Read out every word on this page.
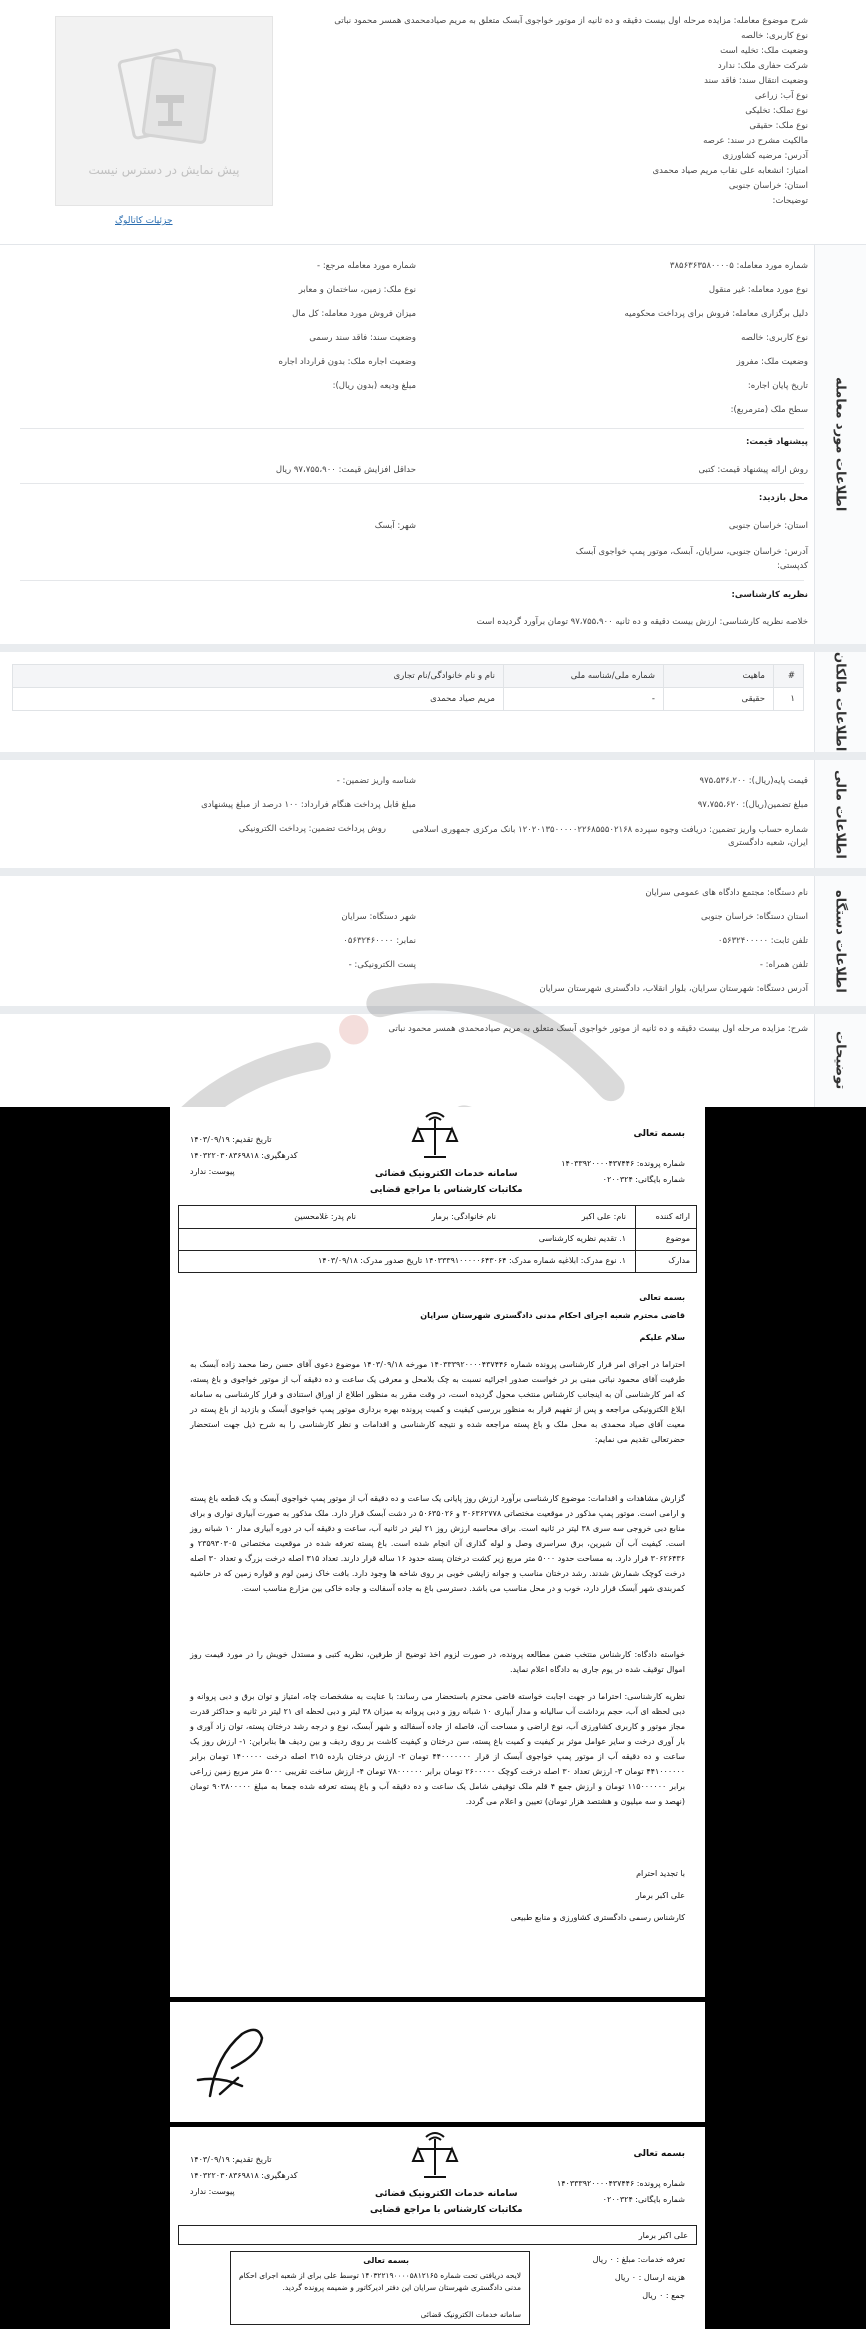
پیش نمایش در دسترس نیست
جزئیات کاتالوگ
شرح موضوع معامله: مزایده مرحله اول بیست دقیقه و ده ثانیه از موتور خواجوی آبسک متعلق به مریم صیادمحمدی همسر محمود نباتی
نوع کاربری: خالصه
وضعیت ملک: تخلیه است
شرکت حفاری ملک: ندارد
وضعیت انتقال سند: فاقد سند
نوع آب: زراعی
نوع تملک: تخلیکی
نوع ملک: حقیقی
مالکیت مشرح در سند: عرصه
آدرس: مرضیه کشاورزی
امتیاز: انشعابه علی نقاب مریم صیاد محمدی
استان: خراسان جنوبی
توضیحات:
اطلاعات مورد معامله
شماره مورد معامله: ۳۸۵۶۳۶۳۵۸۰۰۰۰۵
نوع مورد معامله: غیر منقول
دلیل برگزاری معامله: فروش برای پرداخت محکومیه
نوع کاربری: خالصه
وضعیت ملک: مفروز
تاریخ پایان اجاره:
سطح ملک (مترمربع):
شماره مورد معامله مرجع: -
نوع ملک: زمین، ساختمان و معابر
میزان فروش مورد معامله: کل مال
وضعیت سند: فاقد سند رسمی
وضعیت اجاره ملک: بدون قرارداد اجاره
مبلغ ودیعه (بدون ریال):
پیشنهاد قیمت:
روش ارائه پیشنهاد قیمت: کتبی
حداقل افزایش قیمت: ۹۷،۷۵۵،۹۰۰ ریال
محل بازدید:
استان: خراسان جنوبی
شهر: آبسک
آدرس: خراسان جنوبی، سرایان، آبسک، موتور پمپ خواجوی آبسک
کدپستی:
نظریه کارشناسی:
خلاصه نظریه کارشناسی: ارزش بیست دقیقه و ده ثانیه ۹۷،۷۵۵،۹۰۰ تومان برآورد گردیده است
اطلاعات مالکان
#	ماهیت	شماره ملی/شناسه ملی	نام و نام خانوادگی/نام تجاری
۱	حقیقی	-	مریم صیاد محمدی
اطلاعات مالی
قیمت پایه(ریال): ۹۷۵،۵۳۶،۲۰۰
مبلغ تضمین(ریال): ۹۷،۷۵۵،۶۲۰
شماره حساب واریز تضمین: دریافت وجوه سپرده ۱۲۰۲۰۱۳۵۰۰۰۰۰۲۲۶۸۵۵۵۰۲۱۶۸ بانک مرکزی جمهوری اسلامی ایران، شعبه دادگستری
شناسه واریز تضمین: -
مبلغ قابل پرداخت هنگام فرارداد: ۱۰۰ درصد از مبلغ پیشنهادی
روش پرداخت تضمین: پرداخت الکترونیکی
اطلاعات دستگاه
نام دستگاه: مجتمع دادگاه های عمومی سرایان
استان دستگاه: خراسان جنوبی
شهر دستگاه: سرایان
تلفن ثابت: ۰۵۶۳۲۴۰۰۰۰۰
نمابر: ۰۵۶۳۲۴۶۰۰۰۰
تلفن همراه: -
پست الکترونیکی: -
آدرس دستگاه: شهرستان سرایان، بلوار انقلاب، دادگستری شهرستان سرایان
توضیحات
شرح: مزایده مرحله اول بیست دقیقه و ده ثانیه از موتور خواجوی آبسک متعلق به مریم صیادمحمدی همسر محمود نباتی
بسمه تعالی
شماره پرونده: ۱۴۰۳۳۹۲۰۰۰۰۴۳۷۴۴۶
شماره بایگانی: ۰۲۰۰۳۲۴
سامانه خدمات الکترونیک قضائی
مکاتبات کارشناس با مراجع قضایی
تاریخ تقدیم: ۱۴۰۳/۰۹/۱۹
کدرهگیری: ۱۴۰۳۲۲۰۳۰۸۳۶۹۸۱۸
پیوست: ندارد
ارائه کننده
نام: علی اکبر
نام خانوادگی: برمار
نام پدر: غلامحسین
موضوع
۱. تقدیم نظریه کارشناسی
مدارک
۱. نوع مدرک: ابلاغیه شماره مدرک: ۱۴۰۳۳۳۹۱۰۰۰۰۰۶۴۳۰۶۴ تاریخ صدور مدرک: ۱۴۰۳/۰۹/۱۸
بسمه تعالی
قاضی محترم شعبه اجرای احکام مدنی دادگستری شهرستان سرایان
سلام علیکم
احتراما در اجرای امر قرار کارشناسی پرونده شماره ۱۴۰۳۳۳۹۲۰۰۰۰۴۳۷۴۴۶ مورخه ۱۴۰۳/۰۹/۱۸ موضوع دعوی آقای حسن رضا محمد زاده آبسک به طرفیت آقای محمود نباتی مبنی بر در خواست صدور اجرائیه نسبت به چک بلامحل و معرفی یک ساعت و ده دقیقه آب از موتور خواجوی و باغ پسته، که امر کارشناسی آن به اینجانب کارشناس منتخب محول گردیده است، در وقت مقرر به منظور اطلاع از اوراق استنادی و قرار کارشناسی به سامانه ابلاغ الکترونیکی مراجعه و پس از تفهیم قرار به منظور بررسی کیفیت و کمیت پرونده بهره برداری موتور پمپ خواجوی آبسک و بازدید از باغ پسته در معیت آقای صیاد محمدی به محل ملک و باغ پسته مراجعه شده و نتیجه کارشناسی و اقدامات و نظر کارشناسی را به شرح ذیل جهت استحضار حضرتعالی تقدیم می نمایم:
گزارش مشاهدات و اقدامات: موضوع کارشناسی برآورد ارزش روز پایانی یک ساعت و ده دقیقه آب از موتور پمپ خواجوی آبسک و یک قطعه باغ پسته و ارامی است. موتور پمپ مذکور در موقعیت مختصاتی ۳۰۶۳۶۲۷۷۸ و ۵۰۶۳۵۰۲۶ در دشت آبسک قرار دارد. ملک مذکور به صورت آبیاری نواری و برای منابع دبی خروجی سه سری ۳۸ لیتر در ثانیه است. برای محاسبه ارزش روز ۲۱ لیتر در ثانیه آب، ساعت و دقیقه آب در دوره آبیاری مدار ۱۰ شبانه روز است. کیفیت آب آن شیرین، برق سراسری وصل و لوله گذاری آن انجام شده است. باغ پسته تعرفه شده در موقعیت مختصاتی ۲۳۵۹۳۰۳۰۵ و ۳۰۶۲۶۴۳۶ قرار دارد. به مساحت حدود ۵۰۰۰ متر مربع زیر کشت درختان پسته حدود ۱۶ ساله قرار دارند. تعداد ۳۱۵ اصله درخت بزرگ و تعداد ۳۰ اصله درخت کوچک شمارش شدند. رشد درختان مناسب و جوانه زایشی خوبی بر روی شاخه ها وجود دارد. بافت خاک زمین لوم و قواره زمین که در حاشیه کمربندی شهر آبسک قرار دارد، خوب و در محل مناسب می باشد. دسترسی باغ به جاده آسفالت و جاده خاکی بین مزارع مناسب است.
خواسته دادگاه: کارشناس منتخب ضمن مطالعه پرونده، در صورت لزوم اخذ توضیح از طرفین، نظریه کتبی و مستدل خویش را در مورد قیمت روز اموال توقیف شده در یوم جاری به دادگاه اعلام نماید.
نظریه کارشناسی: احتراما در جهت اجابت خواسته قاضی محترم باستحضار می رساند: با عنایت به مشخصات چاه، امتیاز و توان برق و دبی پروانه و دبی لحظه ای آب، حجم برداشت آب سالیانه و مدار آبیاری ۱۰ شبانه روز و دبی پروانه به میزان ۳۸ لیتر و دبی لحظه ای ۲۱ لیتر در ثانیه و حداکثر قدرت مجاز موتور و کاربری کشاورزی آب، نوع اراضی و مساحت آن، فاصله از جاده آسفالته و شهر آبسک، نوع و درجه رشد درختان پسته، توان زاد آوری و بار آوری درخت و سایر عوامل موثر بر کیفیت و کمیت باغ پسته، سن درختان و کیفیت کاشت بر روی ردیف و بین ردیف ها بنابراین: ۱- ارزش روز یک ساعت و ده دقیقه آب از موتور پمپ خواجوی آبسک از قرار ۴۴۰۰۰۰۰۰۰ تومان ۲- ارزش درختان بارده ۳۱۵ اصله درخت ۱۴۰۰۰۰۰ تومان برابر ۴۴۱۰۰۰۰۰۰ تومان ۳- ارزش تعداد ۳۰ اصله درخت کوچک ۲۶۰۰۰۰۰ تومان برابر ۷۸۰۰۰۰۰۰ تومان ۴- ارزش ساخت تقریبی ۵۰۰۰ متر مربع زمین زراعی برابر ۱۱۵۰۰۰۰۰۰ تومان و ارزش جمع ۴ قلم ملک توقیفی شامل یک ساعت و ده دقیقه آب و باغ پسته تعرفه شده جمعا به مبلغ ۹۰۳۸۰۰۰۰۰ تومان (نهصد و سه میلیون و هشتصد هزار تومان) تعیین و اعلام می گردد.
با تجدید احترام
علی اکبر برمار
کارشناس رسمی دادگستری کشاورزی و منابع طبیعی
بسمه تعالی
شماره پرونده: ۱۴۰۳۳۳۹۲۰۰۰۰۴۳۷۴۴۶
شماره بایگانی: ۰۲۰۰۳۲۴
سامانه خدمات الکترونیک قضائی
مکاتبات کارشناس با مراجع قضایی
تاریخ تقدیم: ۱۴۰۳/۰۹/۱۹
کدرهگیری: ۱۴۰۳۲۲۰۳۰۸۳۶۹۸۱۸
پیوست: ندارد
علی اکبر برمار
تعرفه خدمات: مبلغ : ۰ ریال
هزینه ارسال : ۰ ریال
جمع : ۰ ریال
بسمه تعالی
لایحه دریافتی تحت شماره ۱۴۰۳۲۲۱۹۰۰۰۰۵۸۱۲۱۶۵ توسط علی برای از شعبه اجرای احکام مدنی دادگستری شهرستان سرایان این دفتر ادیرکاتور و ضمیمه پرونده گردید.
سامانه خدمات الکترونیک قضائی
